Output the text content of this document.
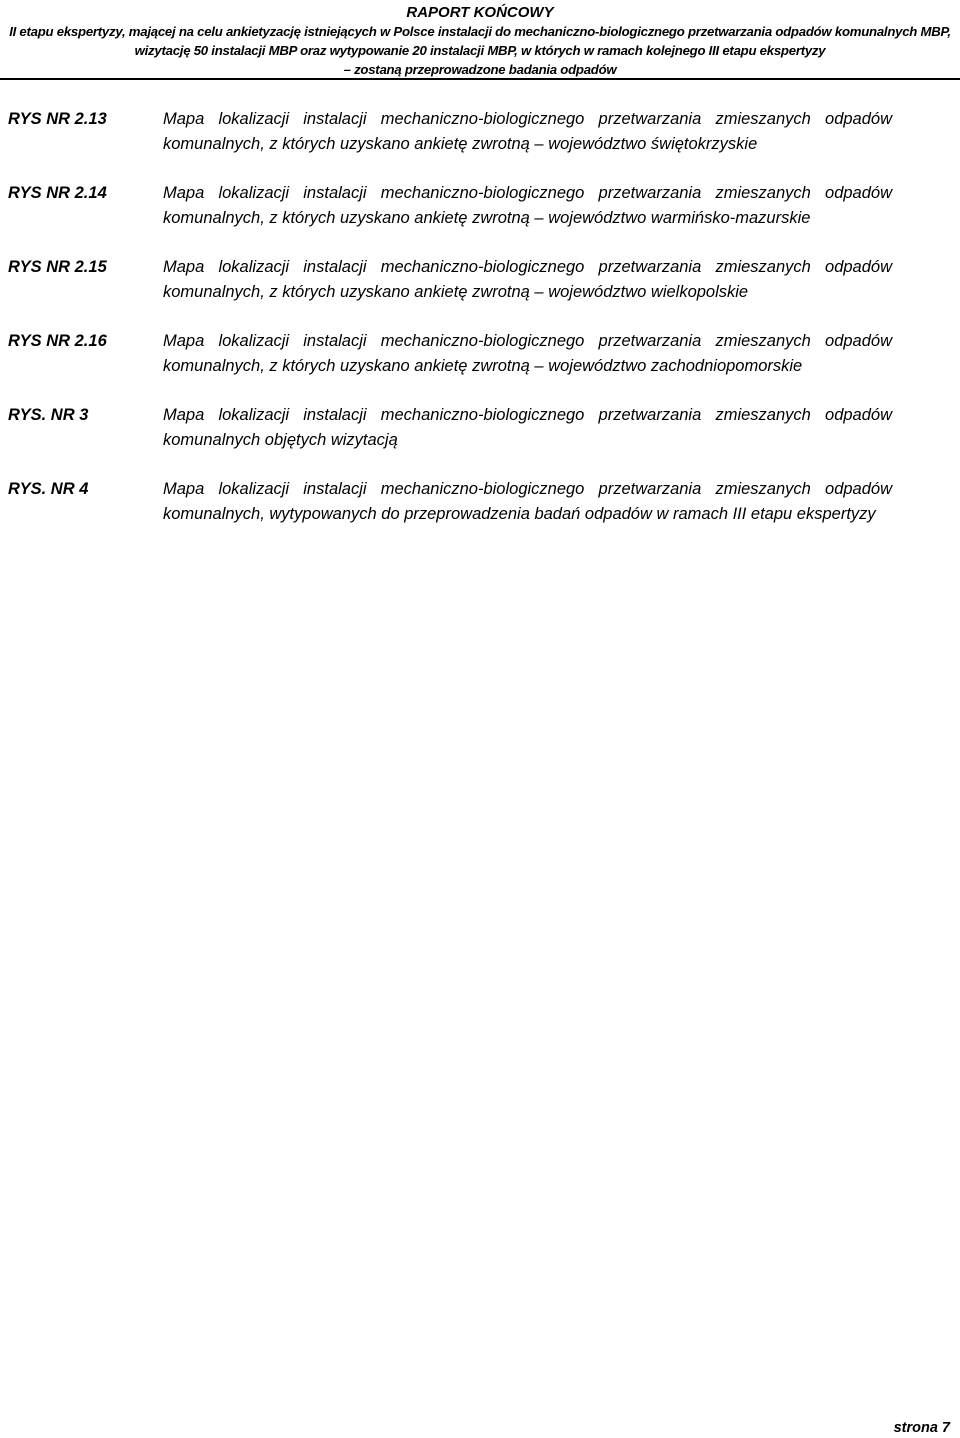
RAPORT KOŃCOWY
II etapu ekspertyzy, mającej na celu ankietyzację istniejących w Polsce instalacji do mechaniczno-biologicznego przetwarzania odpadów komunalnych MBP,
wizytację 50 instalacji MBP oraz wytypowanie 20 instalacji MBP, w których w ramach kolejnego III etapu ekspertyzy
– zostaną przeprowadzone badania odpadów
RYS NR 2.13	Mapa lokalizacji instalacji mechaniczno-biologicznego przetwarzania zmieszanych odpadów komunalnych, z których uzyskano ankietę zwrotną – województwo świętokrzyskie
RYS NR 2.14	Mapa lokalizacji instalacji mechaniczno-biologicznego przetwarzania zmieszanych odpadów komunalnych, z których uzyskano ankietę zwrotną – województwo warmińsko-mazurskie
RYS NR 2.15	Mapa lokalizacji instalacji mechaniczno-biologicznego przetwarzania zmieszanych odpadów komunalnych, z których uzyskano ankietę zwrotną – województwo wielkopolskie
RYS NR 2.16	Mapa lokalizacji instalacji mechaniczno-biologicznego przetwarzania zmieszanych odpadów komunalnych, z których uzyskano ankietę zwrotną – województwo zachodniopomorskie
RYS. NR 3	Mapa lokalizacji instalacji mechaniczno-biologicznego przetwarzania zmieszanych odpadów komunalnych objętych wizytacją
RYS. NR 4	Mapa lokalizacji instalacji mechaniczno-biologicznego przetwarzania zmieszanych odpadów komunalnych, wytypowanych do przeprowadzenia badań odpadów w ramach III etapu ekspertyzy
strona 7
